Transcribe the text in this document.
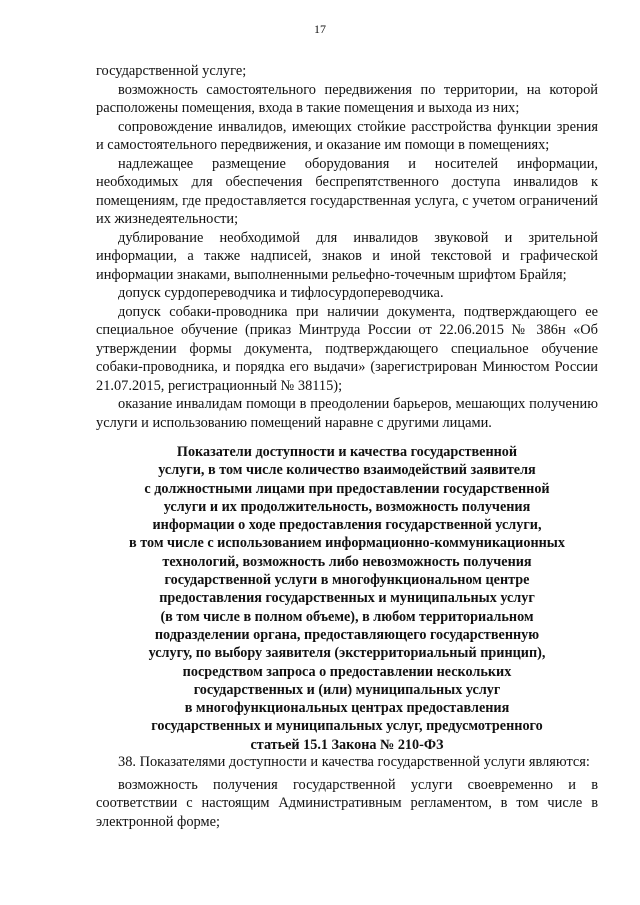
17

государственной услуге;

возможность самостоятельного передвижения по территории, на которой расположены помещения, входа в такие помещения и выхода из них;

сопровождение инвалидов, имеющих стойкие расстройства функции зрения и самостоятельного передвижения, и оказание им помощи в помещениях;

надлежащее размещение оборудования и носителей информации, необходимых для обеспечения беспрепятственного доступа инвалидов к помещениям, где предоставляется государственная услуга, с учетом ограничений их жизнедеятельности;

дублирование необходимой для инвалидов звуковой и зрительной информации, а также надписей, знаков и иной текстовой и графической информации знаками, выполненными рельефно-точечным шрифтом Брайля;

допуск сурдопереводчика и тифлосурдопереводчика.

допуск собаки-проводника при наличии документа, подтверждающего ее специальное обучение (приказ Минтруда России от 22.06.2015 № 386н «Об утверждении формы документа, подтверждающего специальное обучение собаки-проводника, и порядка его выдачи» (зарегистрирован Минюстом России 21.07.2015, регистрационный № 38115);

оказание инвалидам помощи в преодолении барьеров, мешающих получению услуги и использованию помещений наравне с другими лицами.

Показатели доступности и качества государственной
услуги, в том числе количество взаимодействий заявителя
с должностными лицами при предоставлении государственной
услуги и их продолжительность, возможность получения
информации о ходе предоставления государственной услуги,
в том числе с использованием информационно-коммуникационных
технологий, возможность либо невозможность получения
государственной услуги в многофункциональном центре
предоставления государственных и муниципальных услуг
(в том числе в полном объеме), в любом территориальном
подразделении органа, предоставляющего государственную
услугу, по выбору заявителя (экстерриториальный принцип),
посредством запроса о предоставлении нескольких
государственных и (или) муниципальных услуг
в многофункциональных центрах предоставления
государственных и муниципальных услуг, предусмотренного
статьей 15.1 Закона № 210-ФЗ

38. Показателями доступности и качества государственной услуги являются:

возможность получения государственной услуги своевременно и в соответствии с настоящим Административным регламентом, в том числе в электронной форме;
